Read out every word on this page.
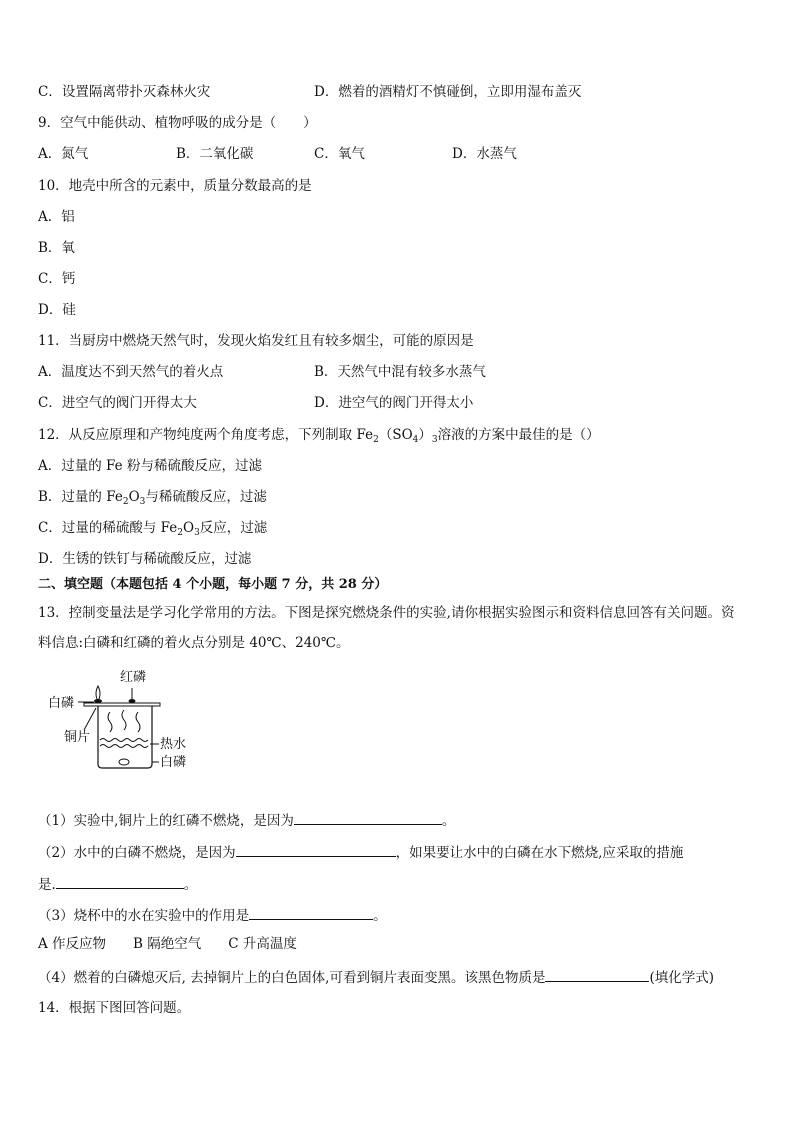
C．设置隔离带扑灭森林火灾	D．燃着的酒精灯不慎碰倒，立即用湿布盖灭
9．空气中能供动、植物呼吸的成分是（　　）
A．氮气	B．二氧化碳	C．氧气	D．水蒸气
10．地壳中所含的元素中，质量分数最高的是
A．铝
B．氧
C．钙
D．硅
11．当厨房中燃烧天然气时，发现火焰发红且有较多烟尘，可能的原因是
A．温度达不到天然气的着火点	B．天然气中混有较多水蒸气
C．进空气的阀门开得太大	D．进空气的阀门开得太小
12．从反应原理和产物纯度两个角度考虑，下列制取 $Fe_2(SO_4)_3$溶液的方案中最佳的是（）
A．过量的 Fe 粉与稀硫酸反应，过滤
B．过量的 $Fe_2O_3$与稀硫酸反应，过滤
C．过量的稀硫酸与 $Fe_2O_3$反应，过滤
D．生锈的铁钉与稀硫酸反应，过滤
二、填空题（本题包括 4 个小题，每小题 7 分，共 28 分）
13．控制变量法是学习化学常用的方法。下图是探究燃烧条件的实验,请你根据实验图示和资料信息回答有关问题。资
料信息:白磷和红磷的着火点分别是 40℃、240℃。
红磷
白磷
铜片	热水
白磷
（1）实验中,铜片上的红磷不燃烧，是因为	。
（2）水中的白磷不燃烧，是因为	，如果要让水中的白磷在水下燃烧,应采取的措施
是.	。
（3）烧杯中的水在实验中的作用是	。
A 作反应物　　B 隔绝空气　　C 升高温度
（4）燃着的白磷熄灭后, 去掉铜片上的白色固体,可看到铜片表面变黑。该黑色物质是	(填化学式)
14．根据下图回答问题。
